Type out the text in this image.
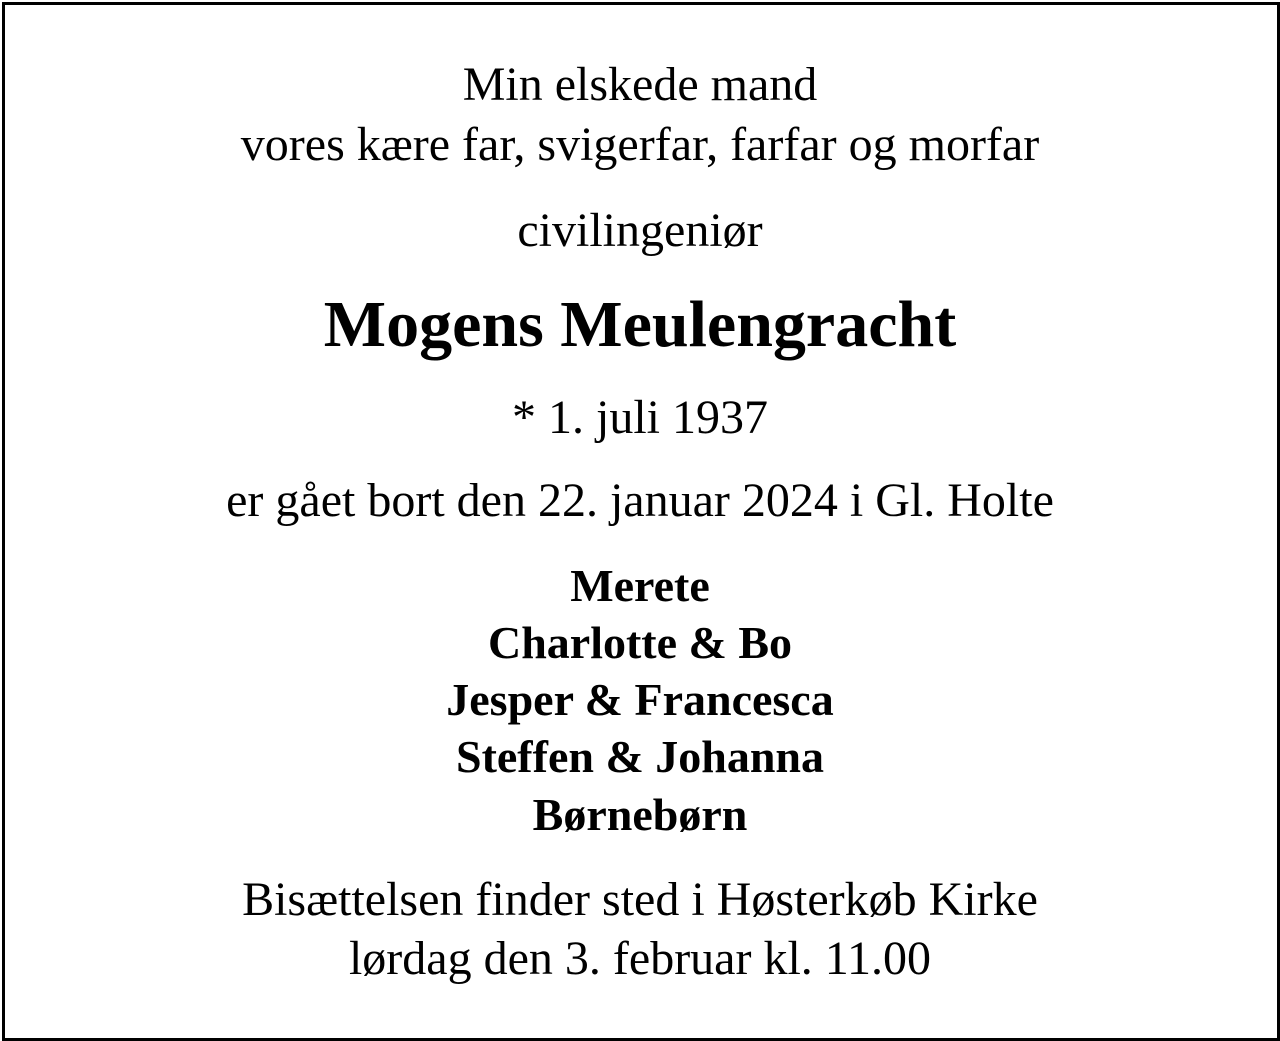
Min elskede mand
vores kære far, svigerfar, farfar og morfar
civilingeniør
Mogens Meulengracht
* 1. juli 1937
er gået bort den 22. januar 2024 i Gl. Holte
Merete
Charlotte & Bo
Jesper & Francesca
Steffen & Johanna
Børnebørn
Bisættelsen finder sted i Høsterkøb Kirke
lørdag den 3. februar kl. 11.00
